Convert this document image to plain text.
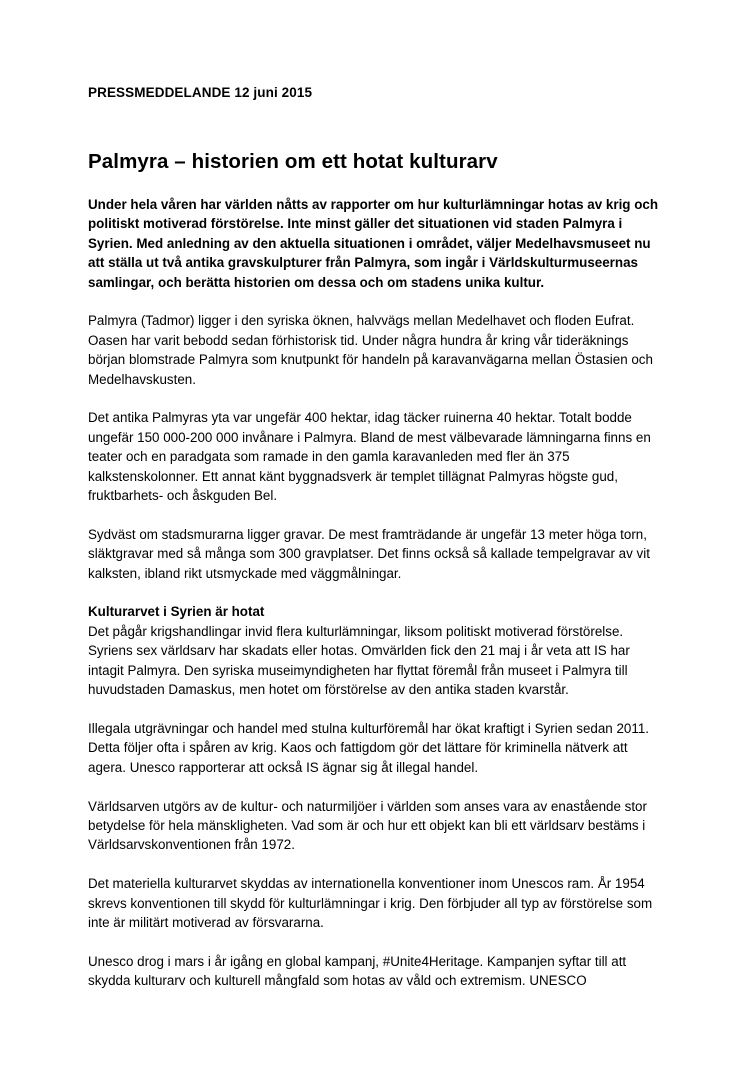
PRESSMEDDELANDE 12 juni 2015
Palmyra – historien om ett hotat kulturarv

Under hela våren har världen nåtts av rapporter om hur kulturlämningar hotas av krig och politiskt motiverad förstörelse. Inte minst gäller det situationen vid staden Palmyra i Syrien. Med anledning av den aktuella situationen i området, väljer Medelhavsmuseet nu att ställa ut två antika gravskulpturer från Palmyra, som ingår i Världskulturmuseernas samlingar, och berätta historien om dessa och om stadens unika kultur.

Palmyra (Tadmor) ligger i den syriska öknen, halvvägs mellan Medelhavet och floden Eufrat. Oasen har varit bebodd sedan förhistorisk tid. Under några hundra år kring vår tideräknings början blomstrade Palmyra som knutpunkt för handeln på karavanvägarna mellan Östasien och Medelhavskusten.

Det antika Palmyras yta var ungefär 400 hektar, idag täcker ruinerna 40 hektar. Totalt bodde ungefär 150 000-200 000 invånare i Palmyra. Bland de mest välbevarade lämningarna finns en teater och en paradgata som ramade in den gamla karavanleden med fler än 375 kalkstenskolonner. Ett annat känt byggnadsverk är templet tillägnat Palmyras högste gud, fruktbarhets- och åskguden Bel.

Sydväst om stadsmurarna ligger gravar. De mest framträdande är ungefär 13 meter höga torn, släktgravar med så många som 300 gravplatser. Det finns också så kallade tempelgravar av vit kalksten, ibland rikt utsmyckade med väggmålningar.

Kulturarvet i Syrien är hotat

Det pågår krigshandlingar invid flera kulturlämningar, liksom politiskt motiverad förstörelse. Syriens sex världsarv har skadats eller hotas. Omvärlden fick den 21 maj i år veta att IS har intagit Palmyra. Den syriska museimyndigheten har flyttat föremål från museet i Palmyra till huvudstaden Damaskus, men hotet om förstörelse av den antika staden kvarstår.

Illegala utgrävningar och handel med stulna kulturföremål har ökat kraftigt i Syrien sedan 2011. Detta följer ofta i spåren av krig. Kaos och fattigdom gör det lättare för kriminella nätverk att agera. Unesco rapporterar att också IS ägnar sig åt illegal handel.

Världsarven utgörs av de kultur- och naturmiljöer i världen som anses vara av enastående stor betydelse för hela mänskligheten. Vad som är och hur ett objekt kan bli ett världsarv bestäms i Världsarvskonventionen från 1972.

Det materiella kulturarvet skyddas av internationella konventioner inom Unescos ram. År 1954 skrevs konventionen till skydd för kulturlämningar i krig. Den förbjuder all typ av förstörelse som inte är militärt motiverad av försvararna.

Unesco drog i mars i år igång en global kampanj, #Unite4Heritage. Kampanjen syftar till att skydda kulturarv och kulturell mångfald som hotas av våld och extremism. UNESCO
